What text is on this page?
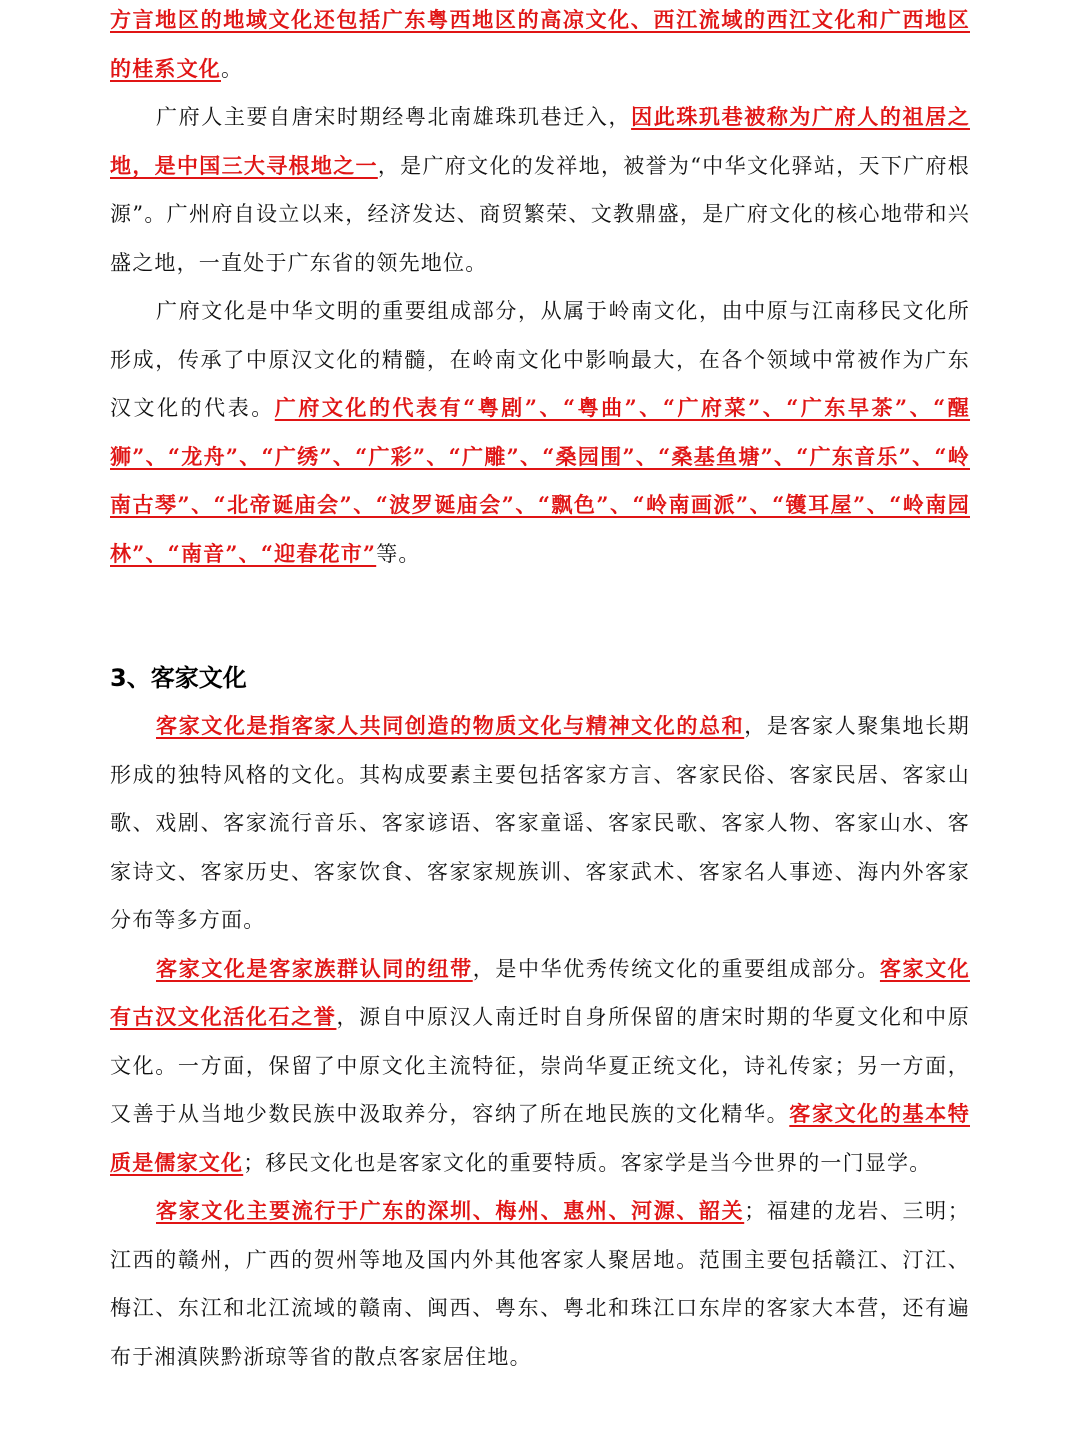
方言地区的地域文化还包括广东粤西地区的高凉文化、西江流域的西江文化和广西地区的桂系文化。

广府人主要自唐宋时期经粤北南雄珠玑巷迁入，因此珠玑巷被称为广府人的祖居之地，是中国三大寻根地之一，是广府文化的发祥地，被誉为“中华文化驿站，天下广府根源”。广州府自设立以来，经济发达、商贸繁荣、文教鼎盛，是广府文化的核心地带和兴盛之地，一直处于广东省的领先地位。

广府文化是中华文明的重要组成部分，从属于岭南文化，由中原与江南移民文化所形成，传承了中原汉文化的精髓，在岭南文化中影响最大，在各个领域中常被作为广东汉文化的代表。广府文化的代表有“粤剧”、“粤曲”、“广府菜”、“广东早茶”、“醒狮”、“龙舟”、“广绣”、“广彩”、“广雕”、“桑园围”、“桑基鱼塘”、“广东音乐”、“岭南古琴”、“北帝诞庙会”、“波罗诞庙会”、“飘色”、“岭南画派”、“镬耳屋”、“岭南园林”、“南音”、“迎春花市”等。

3、客家文化

客家文化是指客家人共同创造的物质文化与精神文化的总和，是客家人聚集地长期形成的独特风格的文化。其构成要素主要包括客家方言、客家民俗、客家民居、客家山歌、戏剧、客家流行音乐、客家谚语、客家童谣、客家民歌、客家人物、客家山水、客家诗文、客家历史、客家饮食、客家家规族训、客家武术、客家名人事迹、海内外客家分布等多方面。

客家文化是客家族群认同的纽带，是中华优秀传统文化的重要组成部分。客家文化有古汉文化活化石之誉，源自中原汉人南迁时自身所保留的唐宋时期的华夏文化和中原文化。一方面，保留了中原文化主流特征，崇尚华夏正统文化，诗礼传家；另一方面，又善于从当地少数民族中汲取养分，容纳了所在地民族的文化精华。客家文化的基本特质是儒家文化；移民文化也是客家文化的重要特质。客家学是当今世界的一门显学。

客家文化主要流行于广东的深圳、梅州、惠州、河源、韶关；福建的龙岩、三明；江西的赣州，广西的贺州等地及国内外其他客家人聚居地。范围主要包括赣江、汀江、梅江、东江和北江流域的赣南、闽西、粤东、粤北和珠江口东岸的客家大本营，还有遍布于湘滇陕黔浙琼等省的散点客家居住地。
